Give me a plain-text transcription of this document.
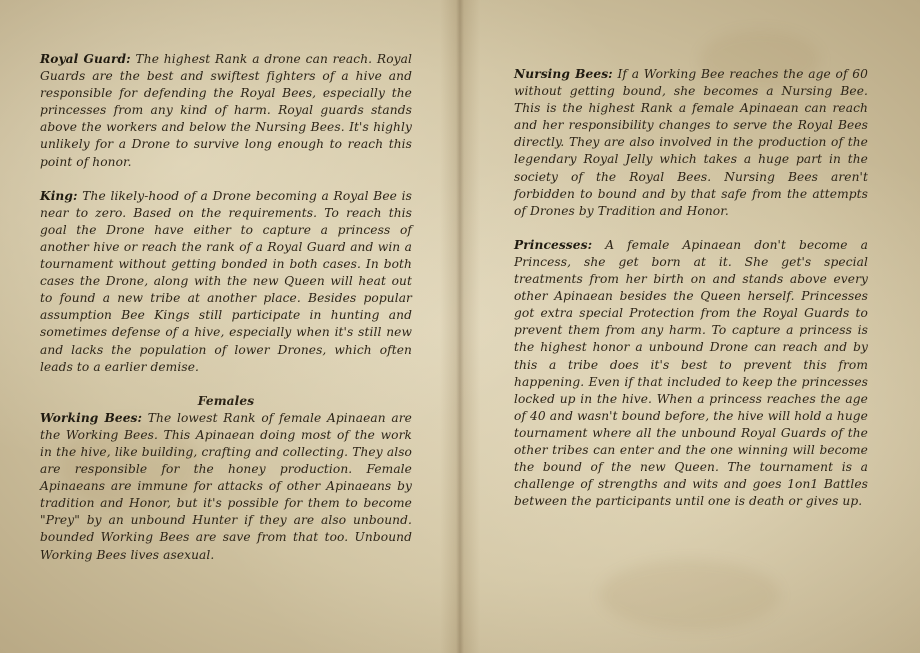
Royal Guard: The highest Rank a drone can reach. Royal Guards are the best and swiftest fighters of a hive and responsible for defending the Royal Bees, especially the princesses from any kind of harm. Royal guards stands above the workers and below the Nursing Bees. It's highly unlikely for a Drone to survive long enough to reach this point of honor.

King: The likely-hood of a Drone becoming a Royal Bee is near to zero. Based on the requirements. To reach this goal the Drone have either to capture a princess of another hive or reach the rank of a Royal Guard and win a tournament without getting bonded in both cases. In both cases the Drone, along with the new Queen will heat out to found a new tribe at another place. Besides popular assumption Bee Kings still participate in hunting and sometimes defense of a hive, especially when it's still new and lacks the population of lower Drones, which often leads to a earlier demise.

Females

Working Bees: The lowest Rank of female Apinaean are the Working Bees. This Apinaean doing most of the work in the hive, like building, crafting and collecting. They also are responsible for the honey production. Female Apinaeans are immune for attacks of other Apinaeans by tradition and Honor, but it's possible for them to become "Prey" by an unbound Hunter if they are also unbound. bounded Working Bees are save from that too. Unbound Working Bees lives asexual.

Nursing Bees: If a Working Bee reaches the age of 60 without getting bound, she becomes a Nursing Bee. This is the highest Rank a female Apinaean can reach and her responsibility changes to serve the Royal Bees directly. They are also involved in the production of the legendary Royal Jelly which takes a huge part in the society of the Royal Bees. Nursing Bees aren't forbidden to bound and by that safe from the attempts of Drones by Tradition and Honor.

Princesses: A female Apinaean don't become a Princess, she get born at it. She get's special treatments from her birth on and stands above every other Apinaean besides the Queen herself. Princesses got extra special Protection from the Royal Guards to prevent them from any harm. To capture a princess is the highest honor a unbound Drone can reach and by this a tribe does it's best to prevent this from happening. Even if that included to keep the princesses locked up in the hive. When a princess reaches the age of 40 and wasn't bound before, the hive will hold a huge tournament where all the unbound Royal Guards of the other tribes can enter and the one winning will become the bound of the new Queen. The tournament is a challenge of strengths and wits and goes 1on1 Battles between the participants until one is death or gives up.
